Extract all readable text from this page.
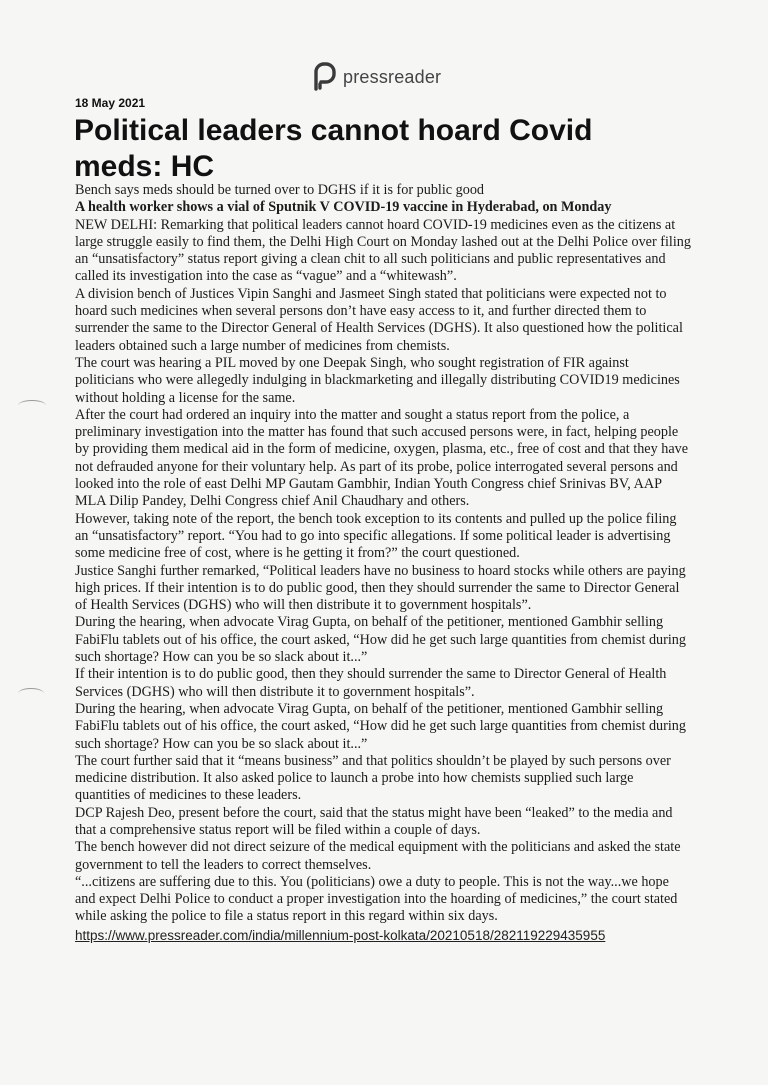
pressreader
18 May 2021
Political leaders cannot hoard Covid meds: HC

Bench says meds should be turned over to DGHS if it is for public good

A health worker shows a vial of Sputnik V COVID-19 vaccine in Hyderabad, on Monday

NEW DELHI: Remarking that political leaders cannot hoard COVID-19 medicines even as the citizens at large struggle easily to find them, the Delhi High Court on Monday lashed out at the Delhi Police over filing an “unsatisfactory” status report giving a clean chit to all such politicians and public representatives and called its investigation into the case as “vague” and a “whitewash”.

A division bench of Justices Vipin Sanghi and Jasmeet Singh stated that politicians were expected not to hoard such medicines when several persons don’t have easy access to it, and further directed them to surrender the same to the Director General of Health Services (DGHS). It also questioned how the political leaders obtained such a large number of medicines from chemists.

The court was hearing a PIL moved by one Deepak Singh, who sought registration of FIR against politicians who were allegedly indulging in blackmarketing and illegally distributing COVID19 medicines without holding a license for the same.

After the court had ordered an inquiry into the matter and sought a status report from the police, a preliminary investigation into the matter has found that such accused persons were, in fact, helping people by providing them medical aid in the form of medicine, oxygen, plasma, etc., free of cost and that they have not defrauded anyone for their voluntary help. As part of its probe, police interrogated several persons and looked into the role of east Delhi MP Gautam Gambhir, Indian Youth Congress chief Srinivas BV, AAP MLA Dilip Pandey, Delhi Congress chief Anil Chaudhary and others.

However, taking note of the report, the bench took exception to its contents and pulled up the police filing an “unsatisfactory” report. “You had to go into specific allegations. If some political leader is advertising some medicine free of cost, where is he getting it from?” the court questioned.

Justice Sanghi further remarked, “Political leaders have no business to hoard stocks while others are paying high prices. If their intention is to do public good, then they should surrender the same to Director General of Health Services (DGHS) who will then distribute it to government hospitals”.

During the hearing, when advocate Virag Gupta, on behalf of the petitioner, mentioned Gambhir selling FabiFlu tablets out of his office, the court asked, “How did he get such large quantities from chemist during such shortage? How can you be so slack about it...”

If their intention is to do public good, then they should surrender the same to Director General of Health Services (DGHS) who will then distribute it to government hospitals”.

During the hearing, when advocate Virag Gupta, on behalf of the petitioner, mentioned Gambhir selling FabiFlu tablets out of his office, the court asked, “How did he get such large quantities from chemist during such shortage? How can you be so slack about it...”

The court further said that it “means business” and that politics shouldn’t be played by such persons over medicine distribution. It also asked police to launch a probe into how chemists supplied such large quantities of medicines to these leaders.

DCP Rajesh Deo, present before the court, said that the status might have been “leaked” to the media and that a comprehensive status report will be filed within a couple of days.

The bench however did not direct seizure of the medical equipment with the politicians and asked the state government to tell the leaders to correct themselves.

“...citizens are suffering due to this. You (politicians) owe a duty to people. This is not the way...we hope and expect Delhi Police to conduct a proper investigation into the hoarding of medicines,” the court stated while asking the police to file a status report in this regard within six days.

https://www.pressreader.com/india/millennium-post-kolkata/20210518/282119229435955
